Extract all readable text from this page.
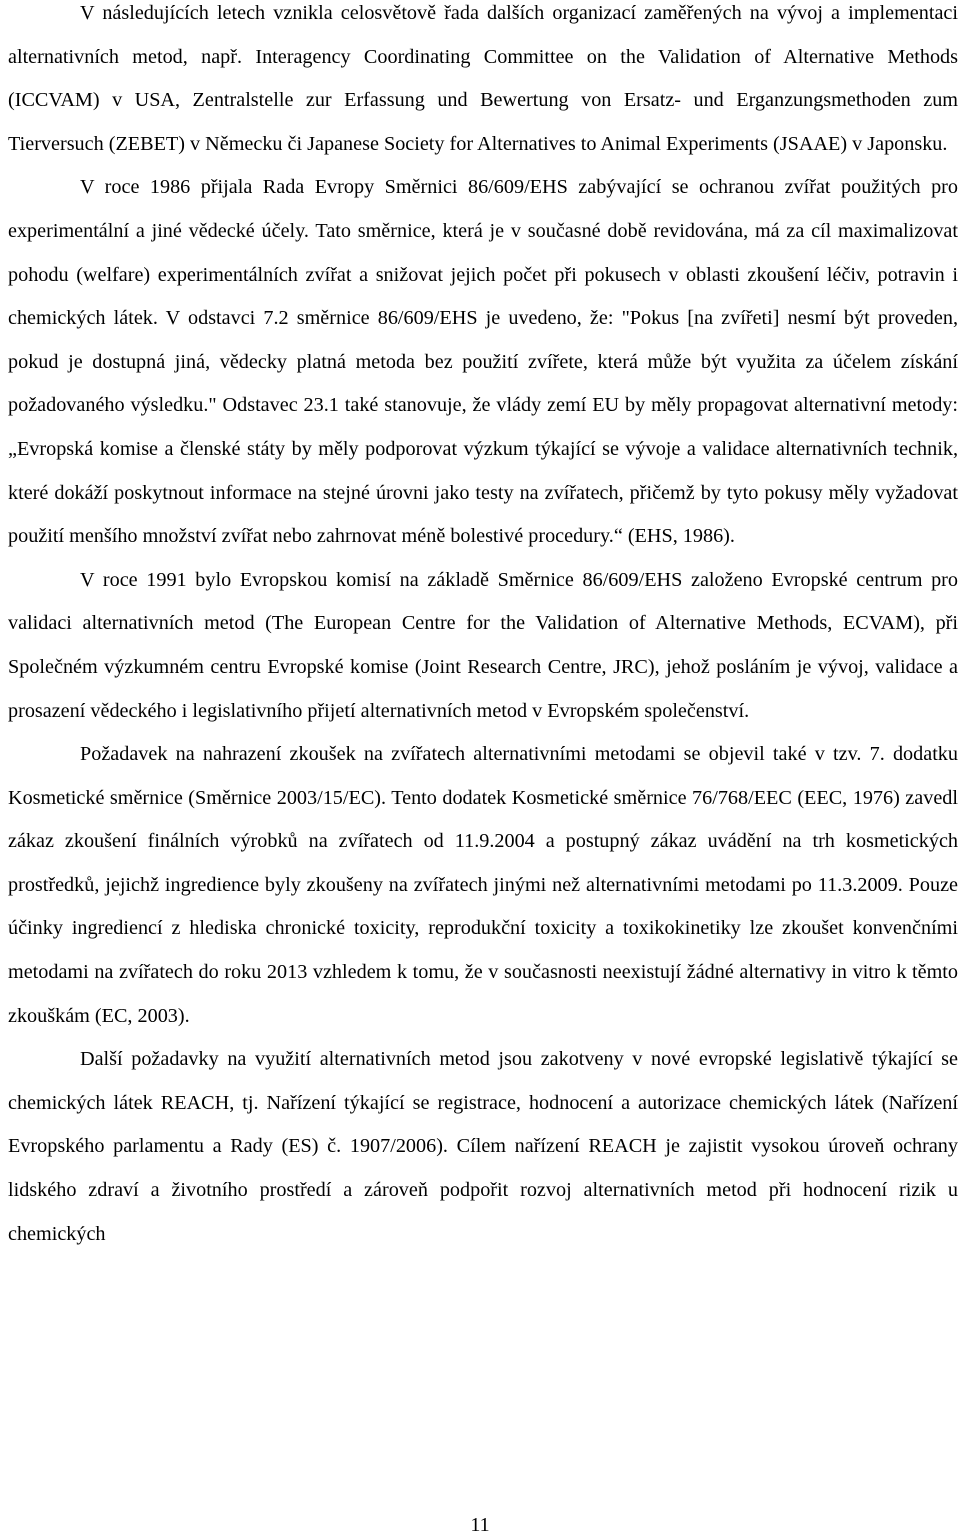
V následujících letech vznikla celosvětově řada dalších organizací zaměřených na vývoj a implementaci alternativních metod, např. Interagency Coordinating Committee on the Validation of Alternative Methods (ICCVAM) v USA, Zentralstelle zur Erfassung und Bewertung von Ersatz- und Erganzungsmethoden zum Tierversuch (ZEBET) v Německu či Japanese Society for Alternatives to Animal Experiments (JSAAE) v Japonsku.

V roce 1986 přijala Rada Evropy Směrnici 86/609/EHS zabývající se ochranou zvířat použitých pro experimentální a jiné vědecké účely. Tato směrnice, která je v současné době revidována, má za cíl maximalizovat pohodu (welfare) experimentálních zvířat a snižovat jejich počet při pokusech v oblasti zkoušení léčiv, potravin i chemických látek. V odstavci 7.2 směrnice 86/609/EHS je uvedeno, že: "Pokus [na zvířeti] nesmí být proveden, pokud je dostupná jiná, vědecky platná metoda bez použití zvířete, která může být využita za účelem získání požadovaného výsledku." Odstavec 23.1 také stanovuje, že vlády zemí EU by měly propagovat alternativní metody: „Evropská komise a členské státy by měly podporovat výzkum týkající se vývoje a validace alternativních technik, které dokáží poskytnout informace na stejné úrovni jako testy na zvířatech, přičemž by tyto pokusy měly vyžadovat použití menšího množství zvířat nebo zahrnovat méně bolestivé procedury.“ (EHS, 1986).

V roce 1991 bylo Evropskou komisí na základě Směrnice 86/609/EHS založeno Evropské centrum pro validaci alternativních metod (The European Centre for the Validation of Alternative Methods, ECVAM), při Společném výzkumném centru Evropské komise (Joint Research Centre, JRC), jehož posláním je vývoj, validace a prosazení vědeckého i legislativního přijetí alternativních metod v Evropském společenství.

Požadavek na nahrazení zkoušek na zvířatech alternativními metodami se objevil také v tzv. 7. dodatku Kosmetické směrnice (Směrnice 2003/15/EC). Tento dodatek Kosmetické směrnice 76/768/EEC (EEC, 1976) zavedl zákaz zkoušení finálních výrobků na zvířatech od 11.9.2004 a postupný zákaz uvádění na trh kosmetických prostředků, jejichž ingredience byly zkoušeny na zvířatech jinými než alternativními metodami po 11.3.2009. Pouze účinky ingrediencí z hlediska chronické toxicity, reprodukční toxicity a toxikokinetiky lze zkoušet konvenčními metodami na zvířatech do roku 2013 vzhledem k tomu, že v současnosti neexistují žádné alternativy in vitro k těmto zkouškám (EC, 2003).

Další požadavky na využití alternativních metod jsou zakotveny v nové evropské legislativě týkající se chemických látek REACH, tj. Nařízení týkající se registrace, hodnocení a autorizace chemických látek (Nařízení Evropského parlamentu a Rady (ES) č. 1907/2006). Cílem nařízení REACH je zajistit vysokou úroveň ochrany lidského zdraví a životního prostředí a zároveň podpořit rozvoj alternativních metod při hodnocení rizik u chemických

11
